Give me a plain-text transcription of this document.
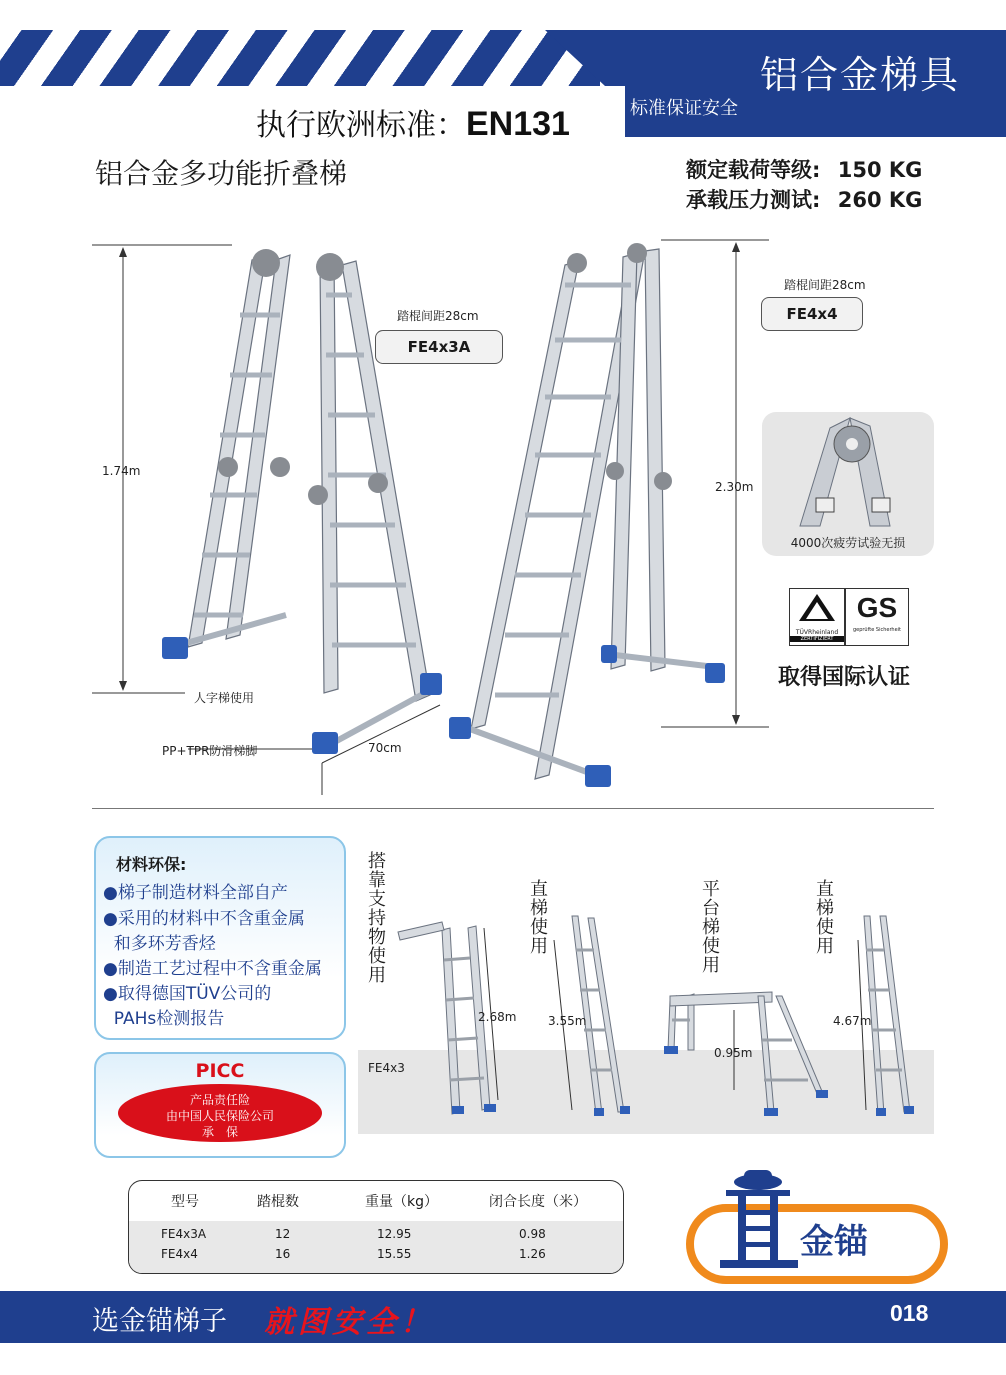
铝合金梯具
标准保证安全
执行欧洲标准：EN131
铝合金多功能折叠梯	额定载荷等级: 150 KG
承载压力测试: 260 KG
1.74m
人字梯使用
PP+TPR防滑梯脚	70cm
踏棍间距28cm
FE4x3A
2.30m
踏棍间距28cm
FE4x4
4000次疲劳试验无损
TÜVRheinland
ZERTIFIZIERT
GS
geprüfte Sicherheit
取得国际认证
材料环保:
●梯子制造材料全部自产
●采用的材料中不含重金属
和多环芳香烃
●制造工艺过程中不含重金属
●取得德国TÜV公司的
PAHs检测报告
PICC
产品责任险
由中国人民保险公司
承　保
FE4x3
搭靠支持物使用
直梯使用
平台梯使用
直梯使用
2.68m	3.55m
0.95m
4.67m
型号	踏棍数	重量（kg）	闭合长度（米）
FE4x3A	12	12.95	0.98
FE4x4	16	15.55	1.26	金锚
选金锚梯子 就图安全！	018
